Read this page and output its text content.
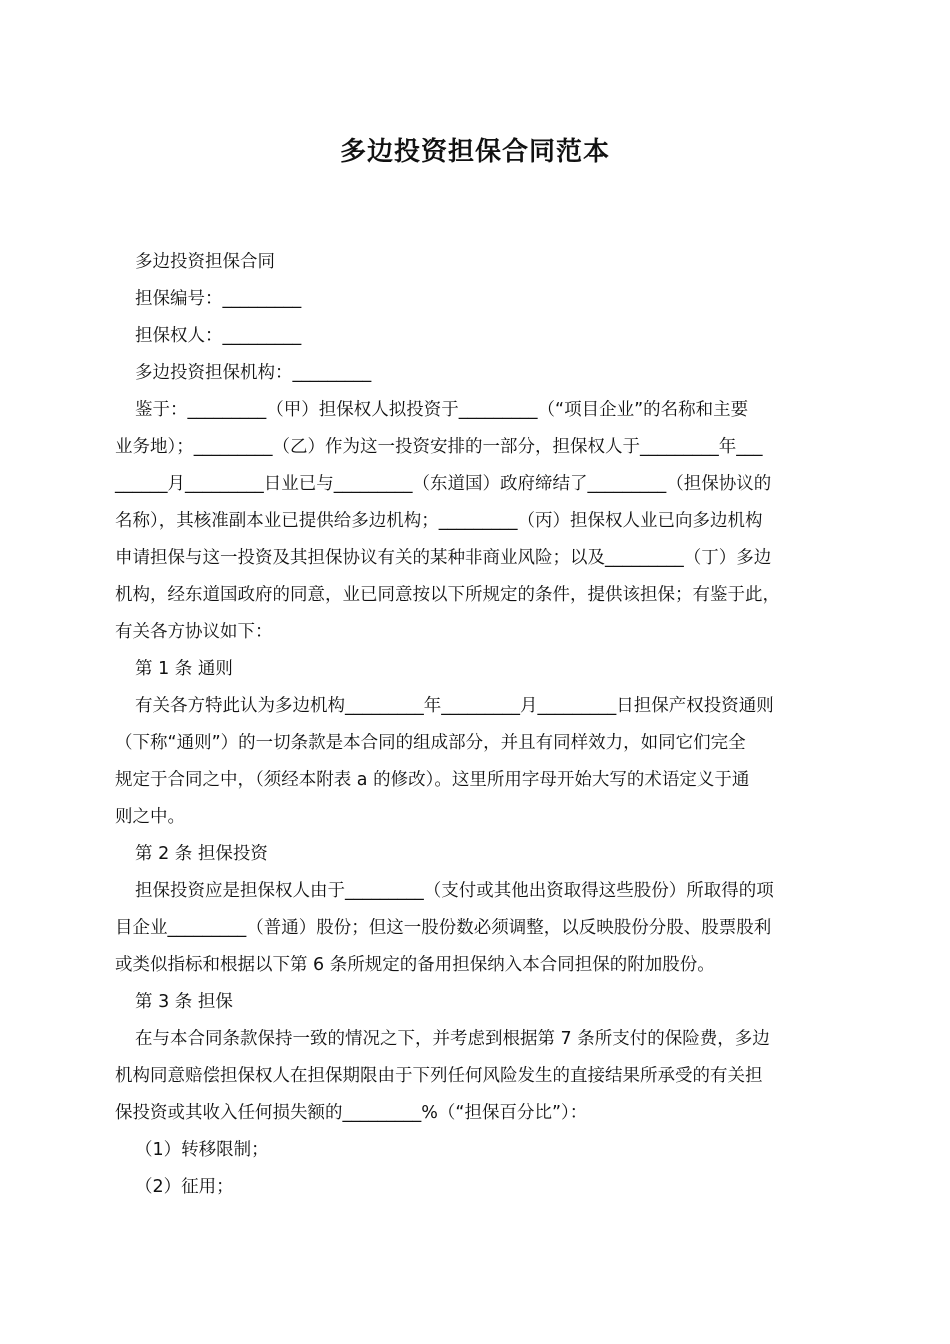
多边投资担保合同范本
多边投资担保合同
担保编号：_________
担保权人：_________
多边投资担保机构：_________
鉴于：_________（甲）担保权人拟投资于_________（“项目企业”的名称和主要
业务地）；_________（乙）作为这一投资安排的一部分，担保权人于_________年___
______月_________日业已与_________（东道国）政府缔结了_________（担保协议的
名称），其核准副本业已提供给多边机构；_________（丙）担保权人业已向多边机构
申请担保与这一投资及其担保协议有关的某种非商业风险；以及_________（丁）多边
机构，经东道国政府的同意，业已同意按以下所规定的条件，提供该担保；有鉴于此，
有关各方协议如下：
第 1 条 通则
有关各方特此认为多边机构_________年_________月_________日担保产权投资通则
（下称“通则”）的一切条款是本合同的组成部分，并且有同样效力，如同它们完全
规定于合同之中，（须经本附表 a 的修改）。这里所用字母开始大写的术语定义于通
则之中。
第 2 条 担保投资
担保投资应是担保权人由于_________（支付或其他出资取得这些股份）所取得的项
目企业_________（普通）股份；但这一股份数必须调整，以反映股份分股、股票股利
或类似指标和根据以下第 6 条所规定的备用担保纳入本合同担保的附加股份。
第 3 条 担保
在与本合同条款保持一致的情况之下，并考虑到根据第 7 条所支付的保险费，多边
机构同意赔偿担保权人在担保期限由于下列任何风险发生的直接结果所承受的有关担
保投资或其收入任何损失额的_________%（“担保百分比”）：
（1）转移限制；
（2）征用；
